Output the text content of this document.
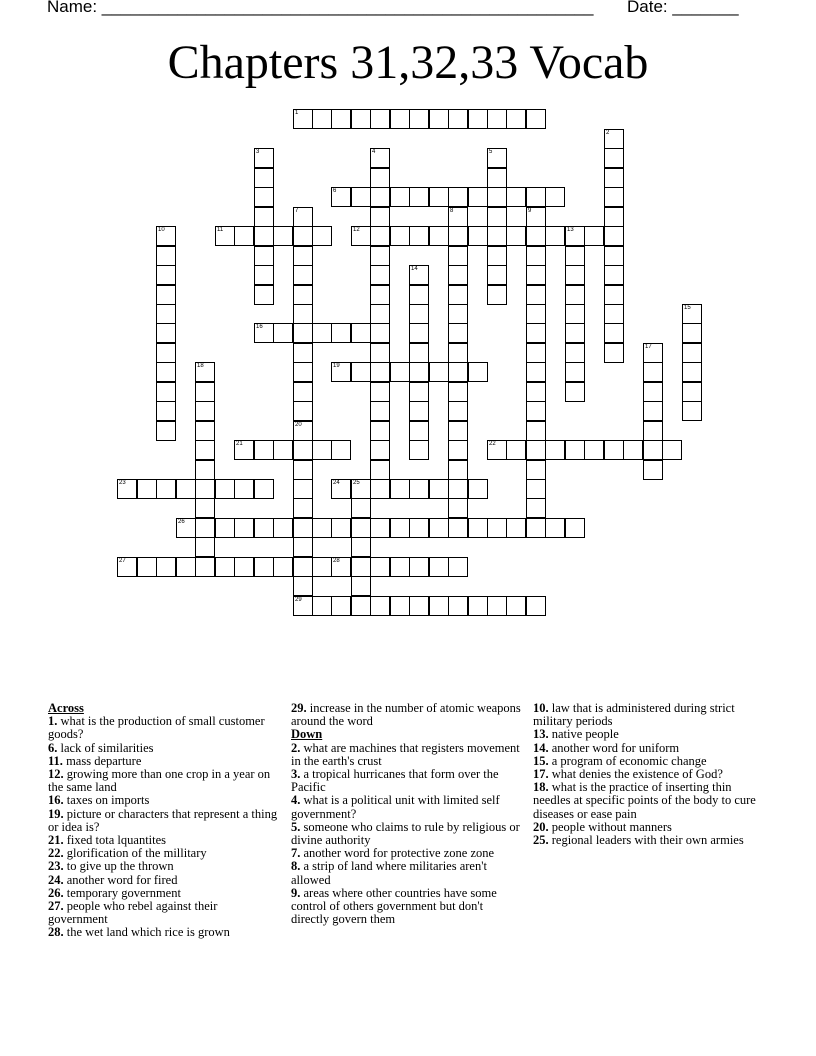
Name: ____________________________________________________ Date: _______
Chapters 31,32,33 Vocab
1
2
3	4	5
6
7	8	9
10	11	12	13
14
15
16
17
18	19
20
29
21	22
23	24 25
26
27	28
Across
1. what is the production of small customer goods?
6. lack of similarities
11. mass departure
12. growing more than one crop in a year on the same land
16. taxes on imports
19. picture or characters that represent a thing or idea is?
21. fixed tota lquantites
22. glorification of the millitary
23. to give up the thrown
24. another word for fired
26. temporary government
27. people who rebel against their government
28. the wet land which rice is grown
29. increase in the number of atomic weapons around the word
Down
2. what are machines that registers movement in the earth's crust
3. a tropical hurricanes that form over the Pacific
4. what is a political unit with limited self government?
5. someone who claims to rule by religious or divine authority
7. another word for protective zone zone
8. a strip of land where militaries aren't allowed
9. areas where other countries have some control of others government but don't directly govern them
10. law that is administered during strict military periods
13. native people
14. another word for uniform
15. a program of economic change
17. what denies the existence of God?
18. what is the practice of inserting thin needles at specific points of the body to cure diseases or ease pain
20. people without manners
25. regional leaders with their own armies
